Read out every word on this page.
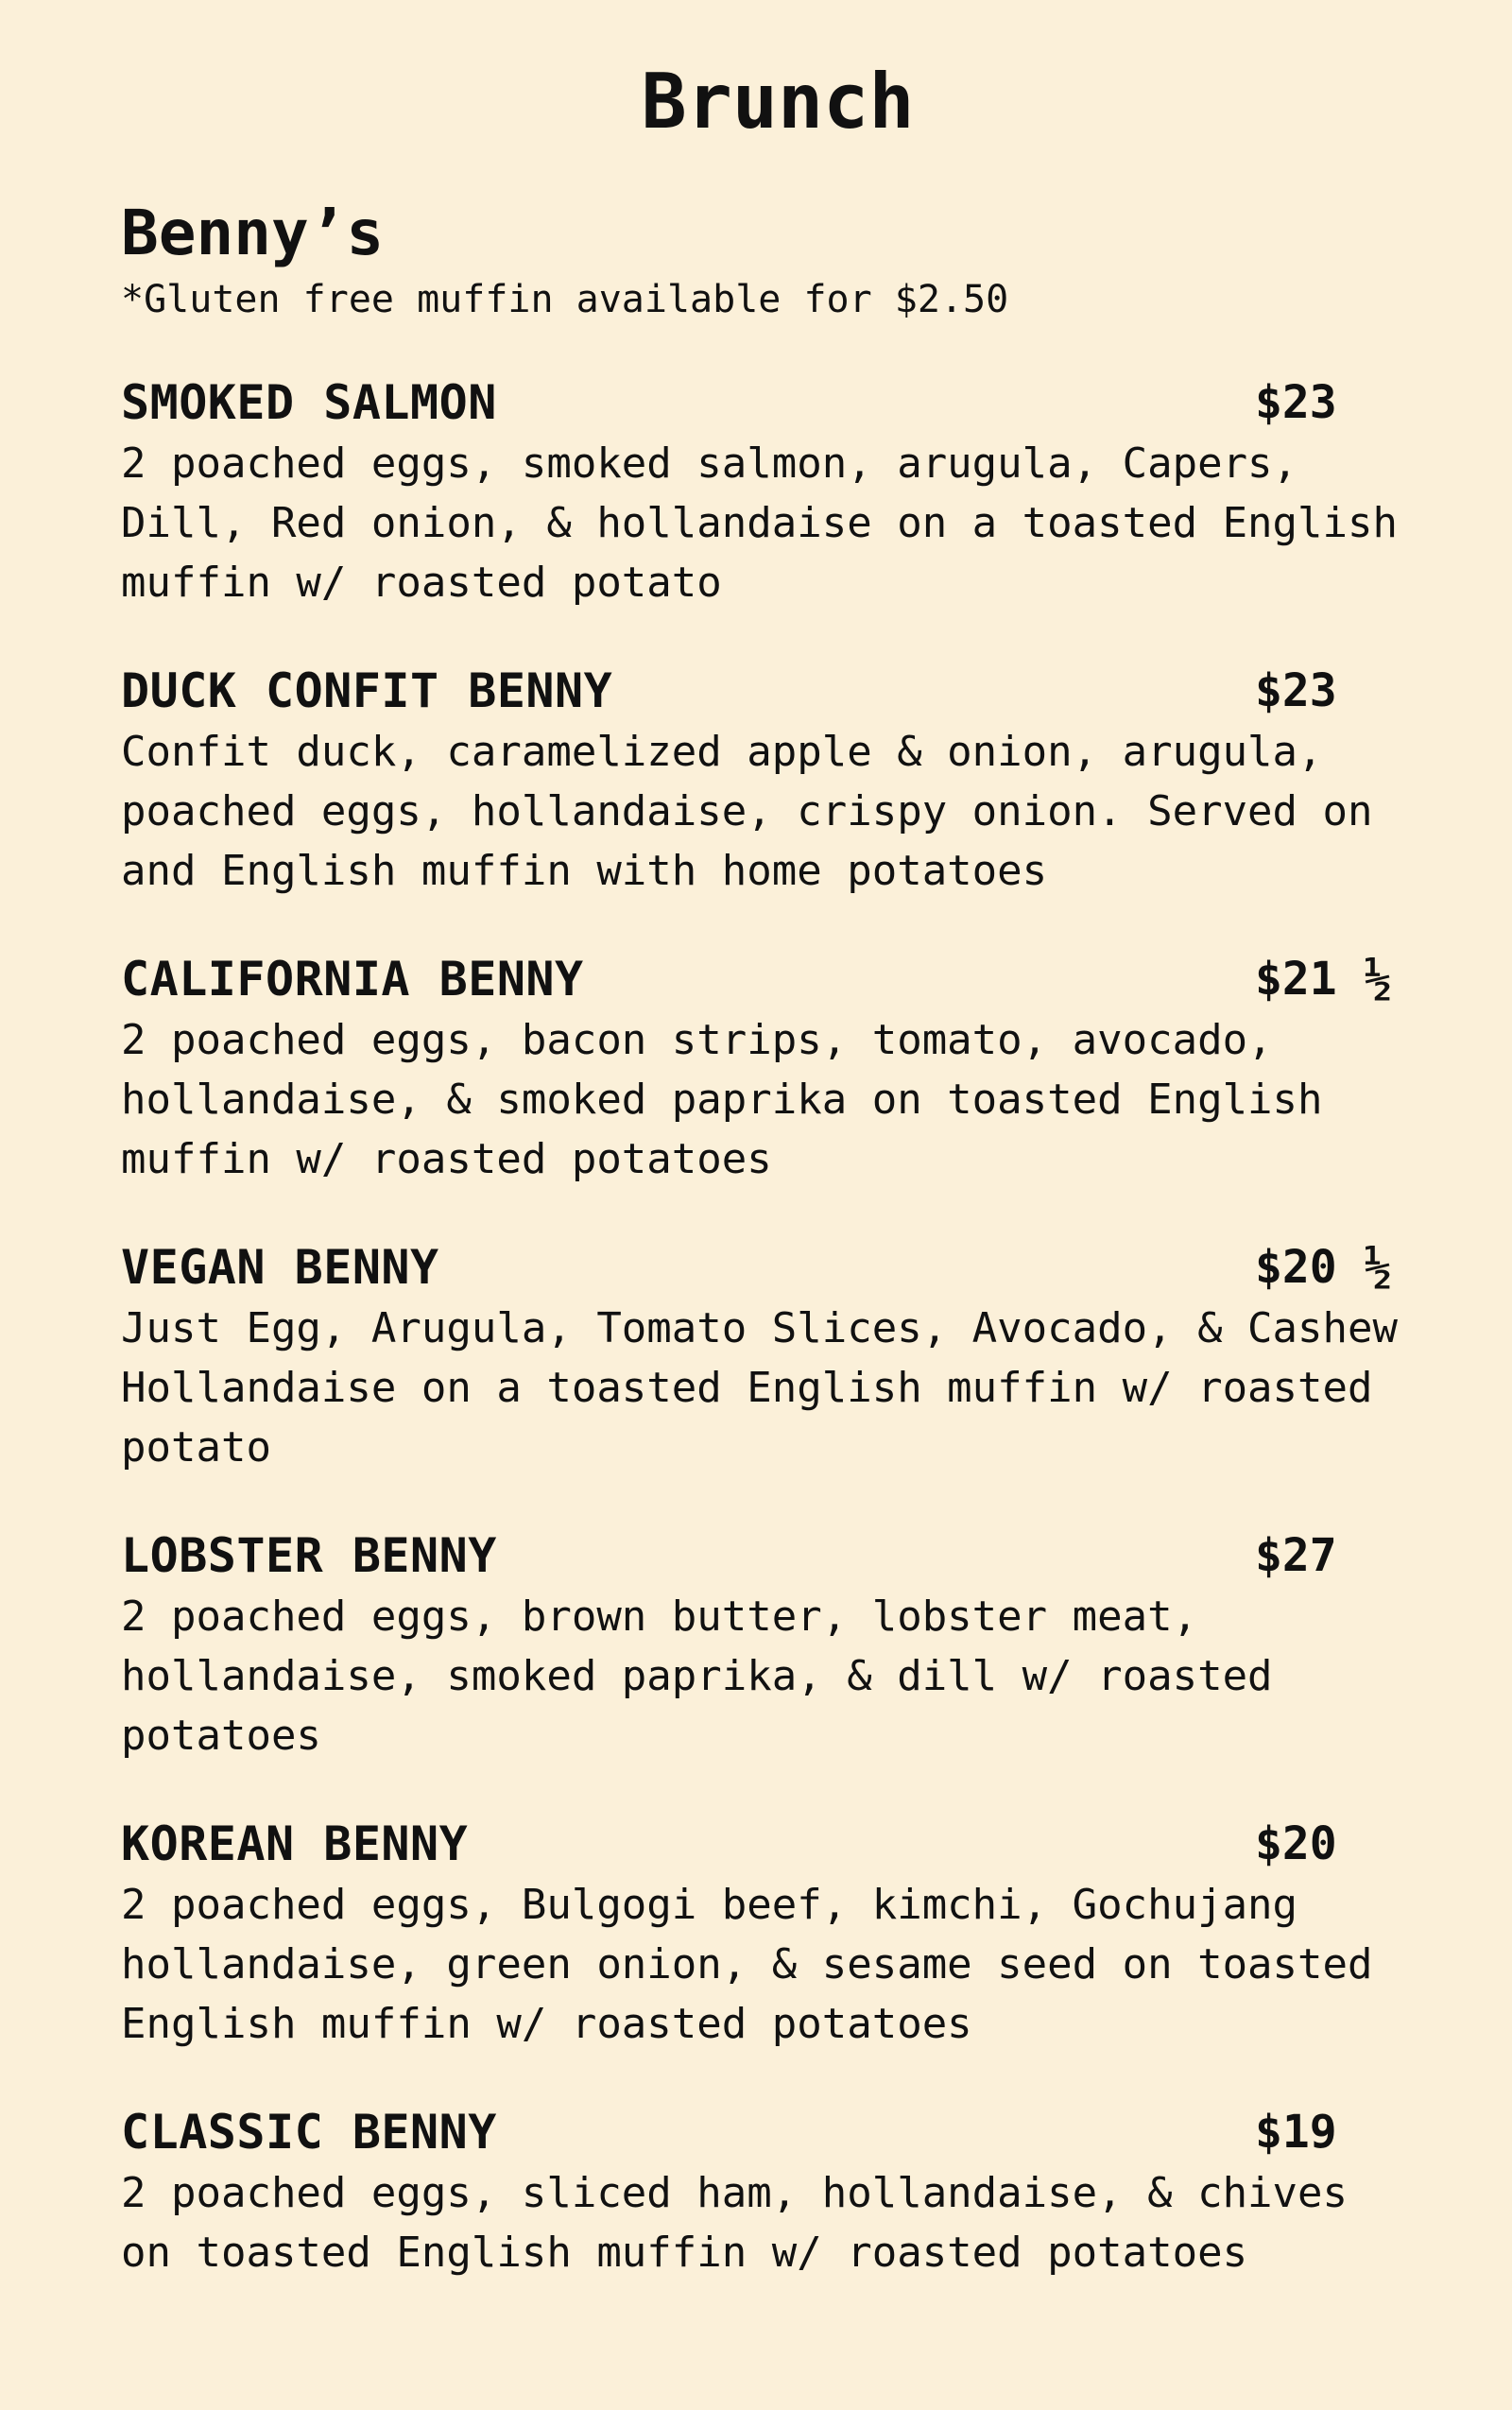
Brunch
Benny’s

*Gluten free muffin available for $2.50

SMOKED SALMON	$23

2 poached eggs, smoked salmon, arugula, Capers,
Dill, Red onion, & hollandaise on a toasted English
muffin w/ roasted potato

DUCK CONFIT BENNY	$23

Confit duck, caramelized apple & onion, arugula,
poached eggs, hollandaise, crispy onion. Served on
and English muffin with home potatoes

CALIFORNIA BENNY	$21 ½

2 poached eggs, bacon strips, tomato, avocado,
hollandaise, & smoked paprika on toasted English
muffin w/ roasted potatoes

VEGAN BENNY	$20 ½

Just Egg, Arugula, Tomato Slices, Avocado, & Cashew
Hollandaise on a toasted English muffin w/ roasted
potato

LOBSTER BENNY	$27

2 poached eggs, brown butter, lobster meat,
hollandaise, smoked paprika, & dill w/ roasted
potatoes

KOREAN BENNY	$20

2 poached eggs, Bulgogi beef, kimchi, Gochujang
hollandaise, green onion, & sesame seed on toasted
English muffin w/ roasted potatoes

CLASSIC BENNY	$19

2 poached eggs, sliced ham, hollandaise, & chives
on toasted English muffin w/ roasted potatoes
